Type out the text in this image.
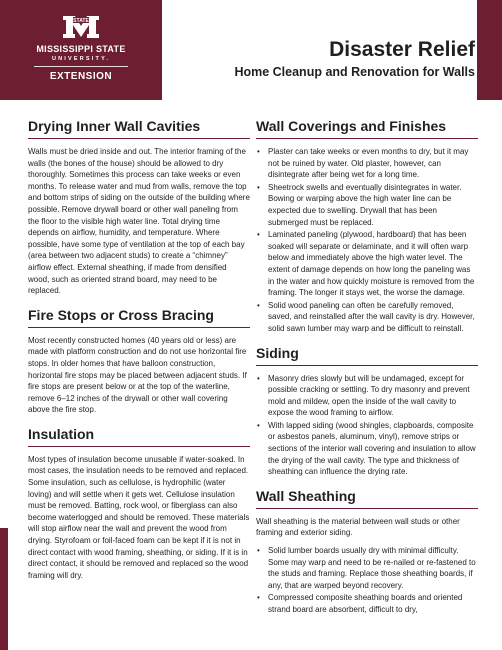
STATE
MISSISSIPPI STATE
UNIVERSITY.
EXTENSION
Disaster Relief
Home Cleanup and Renovation for Walls
Drying Inner Wall Cavities

Walls must be dried inside and out. The interior framing of the walls (the bones of the house) should be allowed to dry thoroughly. Sometimes this process can take weeks or even months. To release water and mud from walls, remove the top and bottom strips of siding on the outside of the building where possible. Remove drywall board or other wall paneling from the floor to the visible high water line. Total drying time depends on airflow, humidity, and temperature. Where possible, have some type of ventilation at the top of each bay (area between two adjacent studs) to create a “chimney” airflow effect. External sheathing, if made from densified wood, such as oriented strand board, may need to be replaced.

Fire Stops or Cross Bracing

Most recently constructed homes (40 years old or less) are made with platform construction and do not use horizontal fire stops. In older homes that have balloon construction, horizontal fire stops may be placed between adjacent studs. If fire stops are present below or at the top of the waterline, remove 6–12 inches of the drywall or other wall covering above the fire stop.

Insulation

Most types of insulation become unusable if water-soaked. In most cases, the insulation needs to be removed and replaced. Some insulation, such as cellulose, is hydrophilic (water loving) and will settle when it gets wet. Cellulose insulation must be removed. Batting, rock wool, or fiberglass can also become waterlogged and should be removed. These materials will stop airflow near the wall and prevent the wood from drying. Styrofoam or foil-faced foam can be kept if it is not in direct contact with wood framing, sheathing, or siding. If it is in direct contact, it should be removed and replaced so the wood framing will dry.

Wall Coverings and Finishes
• Plaster can take weeks or even months to dry, but it may not be ruined by water. Old plaster, however, can disintegrate after being wet for a long time.
• Sheetrock swells and eventually disintegrates in water. Bowing or warping above the high water line can be expected due to swelling. Drywall that has been submerged must be replaced.
• Laminated paneling (plywood, hardboard) that has been soaked will separate or delaminate, and it will often warp below and immediately above the high water level. The extent of damage depends on how long the paneling was in the water and how quickly moisture is removed from the framing. The longer it stays wet, the worse the damage.
• Solid wood paneling can often be carefully removed, saved, and reinstalled after the wall cavity is dry. However, solid sawn lumber may warp and be difficult to reinstall.
Siding
• Masonry dries slowly but will be undamaged, except for possible cracking or settling. To dry masonry and prevent mold and mildew, open the inside of the wall cavity to expose the wood framing to airflow.
• With lapped siding (wood shingles, clapboards, composite or asbestos panels, aluminum, vinyl), remove strips or sections of the interior wall covering and insulation to allow the drying of the wall cavity. The type and thickness of sheathing can influence the drying rate.
Wall Sheathing

Wall sheathing is the material between wall studs or other framing and exterior siding.

• Solid lumber boards usually dry with minimal difficulty. Some may warp and need to be re-nailed or re-fastened to the studs and framing. Replace those sheathing boards, if any, that are warped beyond recovery.
• Compressed composite sheathing boards and oriented strand board are absorbent, difficult to dry,
